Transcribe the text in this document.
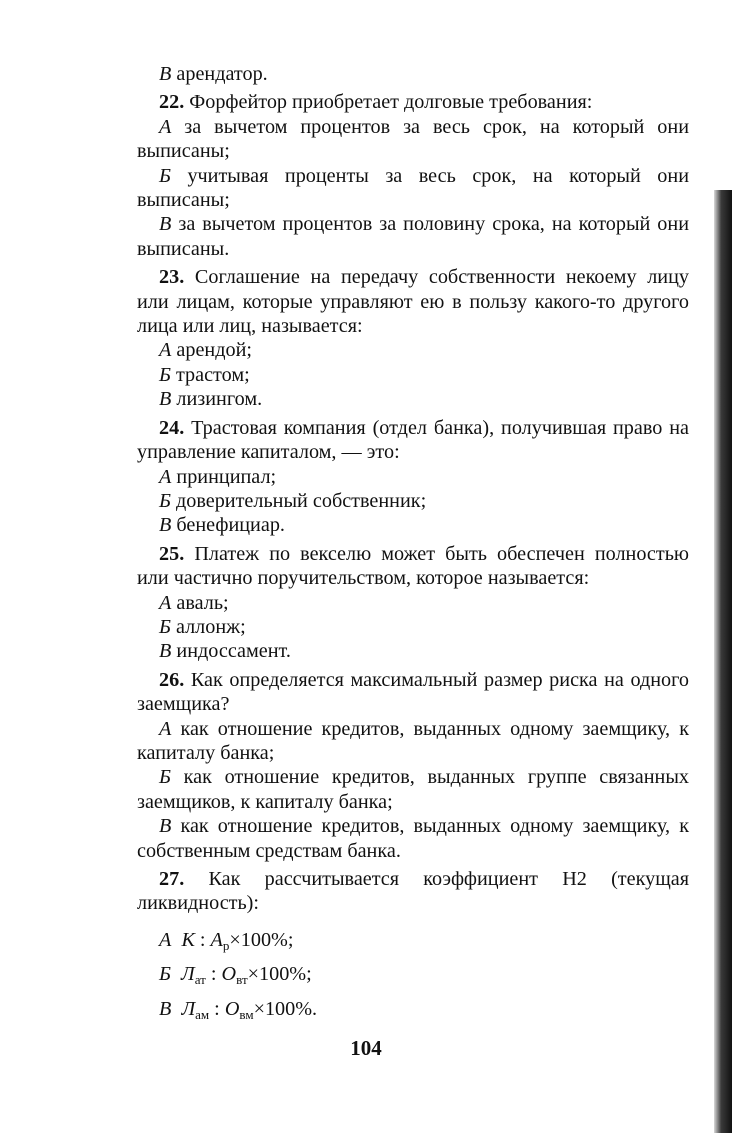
В арендатор.

22. Форфейтор приобретает долговые требования:

А за вычетом процентов за весь срок, на который они выписаны;

Б учитывая проценты за весь срок, на который они выписаны;

В за вычетом процентов за половину срока, на который они выписаны.

23. Соглашение на передачу собственности некоему лицу или лицам, которые управляют ею в пользу какого-то другого лица или лиц, называется:

А арендой;

Б трастом;

В лизингом.

24. Трастовая компания (отдел банка), получившая право на управление капиталом, — это:

А принципал;

Б доверительный собственник;

В бенефициар.

25. Платеж по векселю может быть обеспечен полностью или частично поручительством, которое называется:

А аваль;

Б аллонж;

В индоссамент.

26. Как определяется максимальный размер риска на одного заемщика?

А как отношение кредитов, выданных одному заемщику, к капиталу банка;

Б как отношение кредитов, выданных группе связанных заемщиков, к капиталу банка;

В как отношение кредитов, выданных одному заемщику, к собственным средствам банка.

27. Как рассчитывается коэффициент Н2 (текущая ликвидность):

А К : $А_р\times 100\%$;

Б $Л_{ат}$ : $О_{вт}\times 100\%$;

В $Л_{ам}$ : $О_{вм}\times 100\%$.

104
